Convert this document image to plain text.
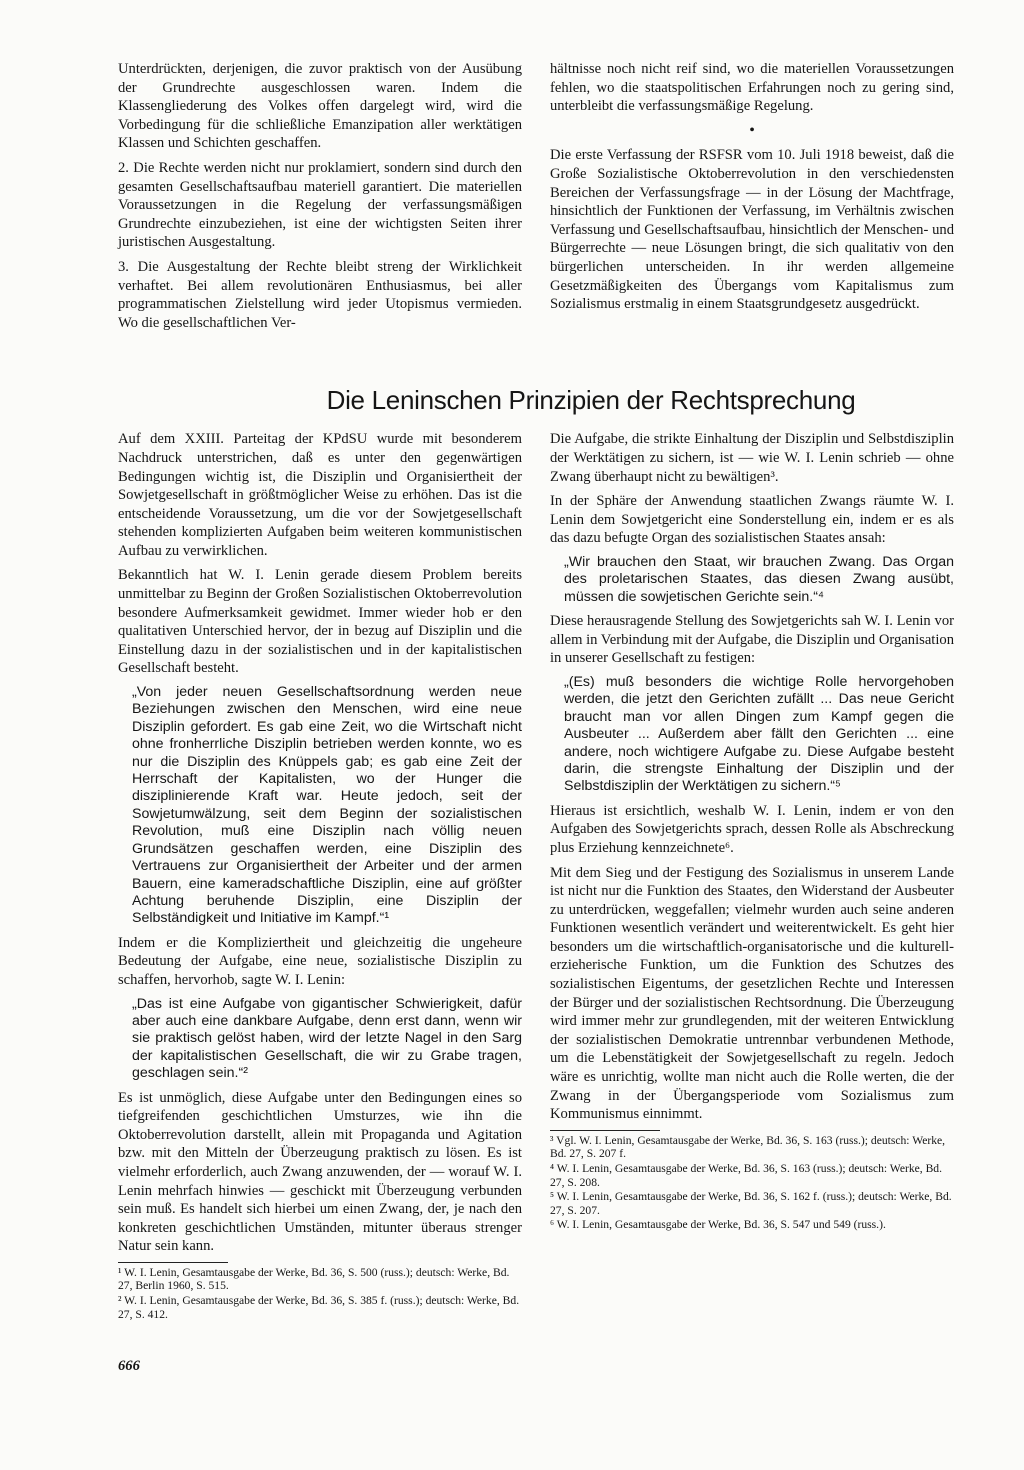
Unterdrückten, derjenigen, die zuvor praktisch von der Ausübung der Grundrechte ausgeschlossen waren. Indem die Klassengliederung des Volkes offen dargelegt wird, wird die Vorbedingung für die schließliche Emanzipation aller werktätigen Klassen und Schichten geschaffen.

2. Die Rechte werden nicht nur proklamiert, sondern sind durch den gesamten Gesellschaftsaufbau materiell garantiert. Die materiellen Voraussetzungen in die Regelung der verfassungsmäßigen Grundrechte einzubeziehen, ist eine der wichtigsten Seiten ihrer juristischen Ausgestaltung.

3. Die Ausgestaltung der Rechte bleibt streng der Wirklichkeit verhaftet. Bei allem revolutionären Enthusiasmus, bei aller programmatischen Zielstellung wird jeder Utopismus vermieden. Wo die gesellschaftlichen Ver-

hältnisse noch nicht reif sind, wo die materiellen Voraussetzungen fehlen, wo die staatspolitischen Erfahrungen noch zu gering sind, unterbleibt die verfassungsmäßige Regelung.

•

Die erste Verfassung der RSFSR vom 10. Juli 1918 beweist, daß die Große Sozialistische Oktoberrevolution in den verschiedensten Bereichen der Verfassungsfrage — in der Lösung der Machtfrage, hinsichtlich der Funktionen der Verfassung, im Verhältnis zwischen Verfassung und Gesellschaftsaufbau, hinsichtlich der Menschen- und Bürgerrechte — neue Lösungen bringt, die sich qualitativ von den bürgerlichen unterscheiden. In ihr werden allgemeine Gesetzmäßigkeiten des Übergangs vom Kapitalismus zum Sozialismus erstmalig in einem Staatsgrundgesetz ausgedrückt.

Die Leninschen Prinzipien der Rechtsprechung

Auf dem XXIII. Parteitag der KPdSU wurde mit besonderem Nachdruck unterstrichen, daß es unter den gegenwärtigen Bedingungen wichtig ist, die Disziplin und Organisiertheit der Sowjetgesellschaft in größtmöglicher Weise zu erhöhen. Das ist die entscheidende Voraussetzung, um die vor der Sowjetgesellschaft stehenden komplizierten Aufgaben beim weiteren kommunistischen Aufbau zu verwirklichen.

Bekanntlich hat W. I. Lenin gerade diesem Problem bereits unmittelbar zu Beginn der Großen Sozialistischen Oktoberrevolution besondere Aufmerksamkeit gewidmet. Immer wieder hob er den qualitativen Unterschied hervor, der in bezug auf Disziplin und die Einstellung dazu in der sozialistischen und in der kapitalistischen Gesellschaft besteht.

„Von jeder neuen Gesellschaftsordnung werden neue Beziehungen zwischen den Menschen, wird eine neue Disziplin gefordert. Es gab eine Zeit, wo die Wirtschaft nicht ohne fronherrliche Disziplin betrieben werden konnte, wo es nur die Disziplin des Knüppels gab; es gab eine Zeit der Herrschaft der Kapitalisten, wo der Hunger die disziplinierende Kraft war. Heute jedoch, seit der Sowjetumwälzung, seit dem Beginn der sozialistischen Revolution, muß eine Disziplin nach völlig neuen Grundsätzen geschaffen werden, eine Disziplin des Vertrauens zur Organisiertheit der Arbeiter und der armen Bauern, eine kameradschaftliche Disziplin, eine auf größter Achtung beruhende Disziplin, eine Disziplin der Selbständigkeit und Initiative im Kampf.“¹

Indem er die Kompliziertheit und gleichzeitig die ungeheure Bedeutung der Aufgabe, eine neue, sozialistische Disziplin zu schaffen, hervorhob, sagte W. I. Lenin:

„Das ist eine Aufgabe von gigantischer Schwierigkeit, dafür aber auch eine dankbare Aufgabe, denn erst dann, wenn wir sie praktisch gelöst haben, wird der letzte Nagel in den Sarg der kapitalistischen Gesellschaft, die wir zu Grabe tragen, geschlagen sein.“²

Es ist unmöglich, diese Aufgabe unter den Bedingungen eines so tiefgreifenden geschichtlichen Umsturzes, wie ihn die Oktoberrevolution darstellt, allein mit Propaganda und Agitation bzw. mit den Mitteln der Überzeugung praktisch zu lösen. Es ist vielmehr erforderlich, auch Zwang anzuwenden, der — worauf W. I. Lenin mehrfach hinwies — geschickt mit Überzeugung verbunden sein muß. Es handelt sich hierbei um einen Zwang, der, je nach den konkreten geschichtlichen Umständen, mitunter überaus strenger Natur sein kann.

¹ W. I. Lenin, Gesamtausgabe der Werke, Bd. 36, S. 500 (russ.); deutsch: Werke, Bd. 27, Berlin 1960, S. 515.
² W. I. Lenin, Gesamtausgabe der Werke, Bd. 36, S. 385 f. (russ.); deutsch: Werke, Bd. 27, S. 412.

Die Aufgabe, die strikte Einhaltung der Disziplin und Selbstdisziplin der Werktätigen zu sichern, ist — wie W. I. Lenin schrieb — ohne Zwang überhaupt nicht zu bewältigen³.

In der Sphäre der Anwendung staatlichen Zwangs räumte W. I. Lenin dem Sowjetgericht eine Sonderstellung ein, indem er es als das dazu befugte Organ des sozialistischen Staates ansah:

„Wir brauchen den Staat, wir brauchen Zwang. Das Organ des proletarischen Staates, das diesen Zwang ausübt, müssen die sowjetischen Gerichte sein.“⁴

Diese herausragende Stellung des Sowjetgerichts sah W. I. Lenin vor allem in Verbindung mit der Aufgabe, die Disziplin und Organisation in unserer Gesellschaft zu festigen:

„(Es) muß besonders die wichtige Rolle hervorgehoben werden, die jetzt den Gerichten zufällt ... Das neue Gericht braucht man vor allen Dingen zum Kampf gegen die Ausbeuter ... Außerdem aber fällt den Gerichten ... eine andere, noch wichtigere Aufgabe zu. Diese Aufgabe besteht darin, die strengste Einhaltung der Disziplin und der Selbstdisziplin der Werktätigen zu sichern.“⁵

Hieraus ist ersichtlich, weshalb W. I. Lenin, indem er von den Aufgaben des Sowjetgerichts sprach, dessen Rolle als Abschreckung plus Erziehung kennzeichnete⁶.

Mit dem Sieg und der Festigung des Sozialismus in unserem Lande ist nicht nur die Funktion des Staates, den Widerstand der Ausbeuter zu unterdrücken, weggefallen; vielmehr wurden auch seine anderen Funktionen wesentlich verändert und weiterentwickelt. Es geht hier besonders um die wirtschaftlich-organisatorische und die kulturell-erzieherische Funktion, um die Funktion des Schutzes des sozialistischen Eigentums, der gesetzlichen Rechte und Interessen der Bürger und der sozialistischen Rechtsordnung. Die Überzeugung wird immer mehr zur grundlegenden, mit der weiteren Entwicklung der sozialistischen Demokratie untrennbar verbundenen Methode, um die Lebenstätigkeit der Sowjetgesellschaft zu regeln. Jedoch wäre es unrichtig, wollte man nicht auch die Rolle werten, die der Zwang in der Übergangsperiode vom Sozialismus zum Kommunismus einnimmt.

³ Vgl. W. I. Lenin, Gesamtausgabe der Werke, Bd. 36, S. 163 (russ.); deutsch: Werke, Bd. 27, S. 207 f.
⁴ W. I. Lenin, Gesamtausgabe der Werke, Bd. 36, S. 163 (russ.); deutsch: Werke, Bd. 27, S. 208.
⁵ W. I. Lenin, Gesamtausgabe der Werke, Bd. 36, S. 162 f. (russ.); deutsch: Werke, Bd. 27, S. 207.
⁶ W. I. Lenin, Gesamtausgabe der Werke, Bd. 36, S. 547 und 549 (russ.).
666
